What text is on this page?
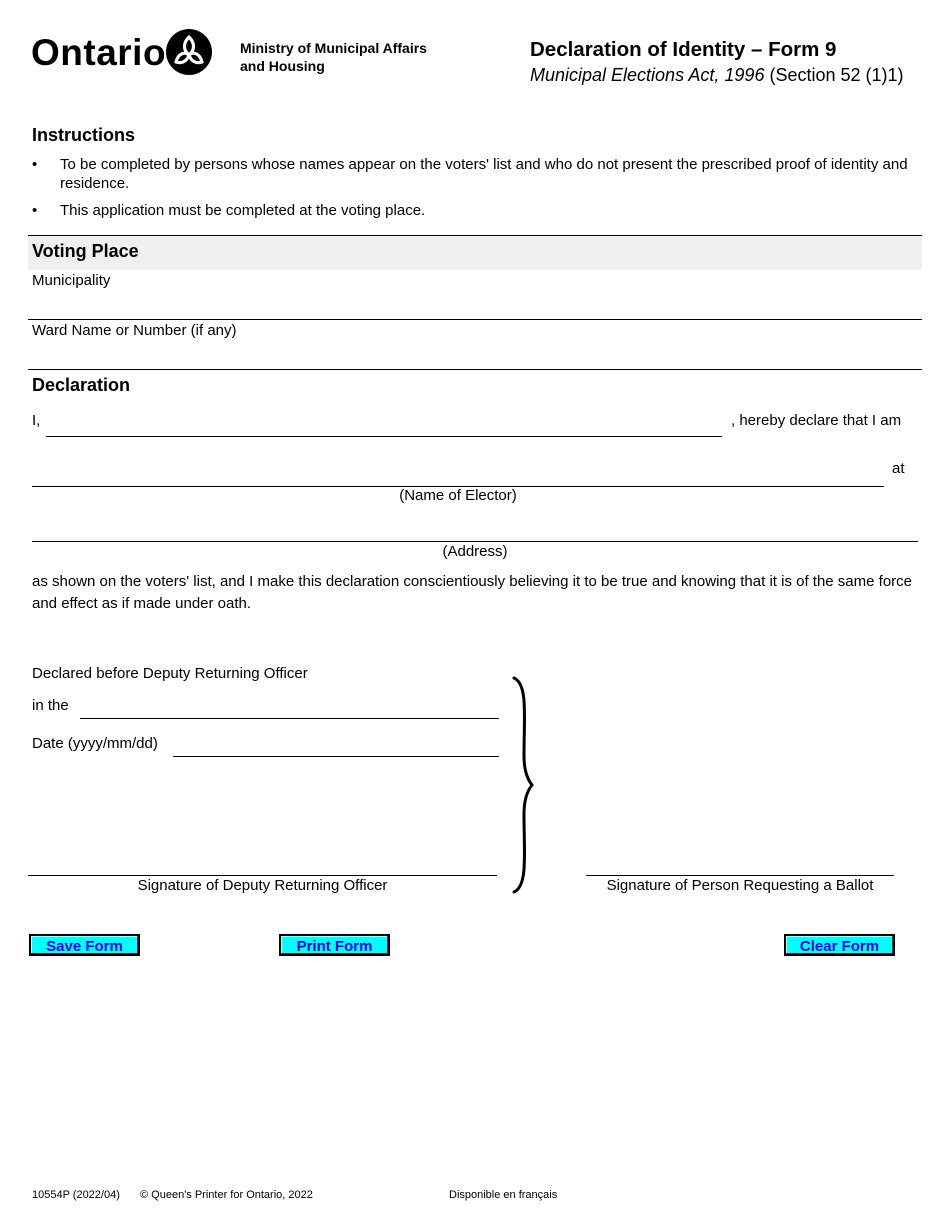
Ontario	Ministry of Municipal Affairs
and Housing
Declaration of Identity – Form 9
Municipal Elections Act, 1996 (Section 52 (1)1)
Instructions
• To be completed by persons whose names appear on the voters' list and who do not present the prescribed proof of identity and residence.
• This application must be completed at the voting place.
Voting Place
Municipality
Ward Name or Number (if any)
Declaration
I,	, hereby declare that I am
at
(Name of Elector)
(Address)
as shown on the voters' list, and I make this declaration conscientiously believing it to be true and knowing that it is of the same force and effect as if made under oath.
Declared before Deputy Returning Officer
in the
Date (yyyy/mm/dd)
Signature of Deputy Returning Officer	Signature of Person Requesting a Ballot
Save Form	Print Form	Clear Form
10554P (2022/04) © Queen's Printer for Ontario, 2022	Disponible en français
